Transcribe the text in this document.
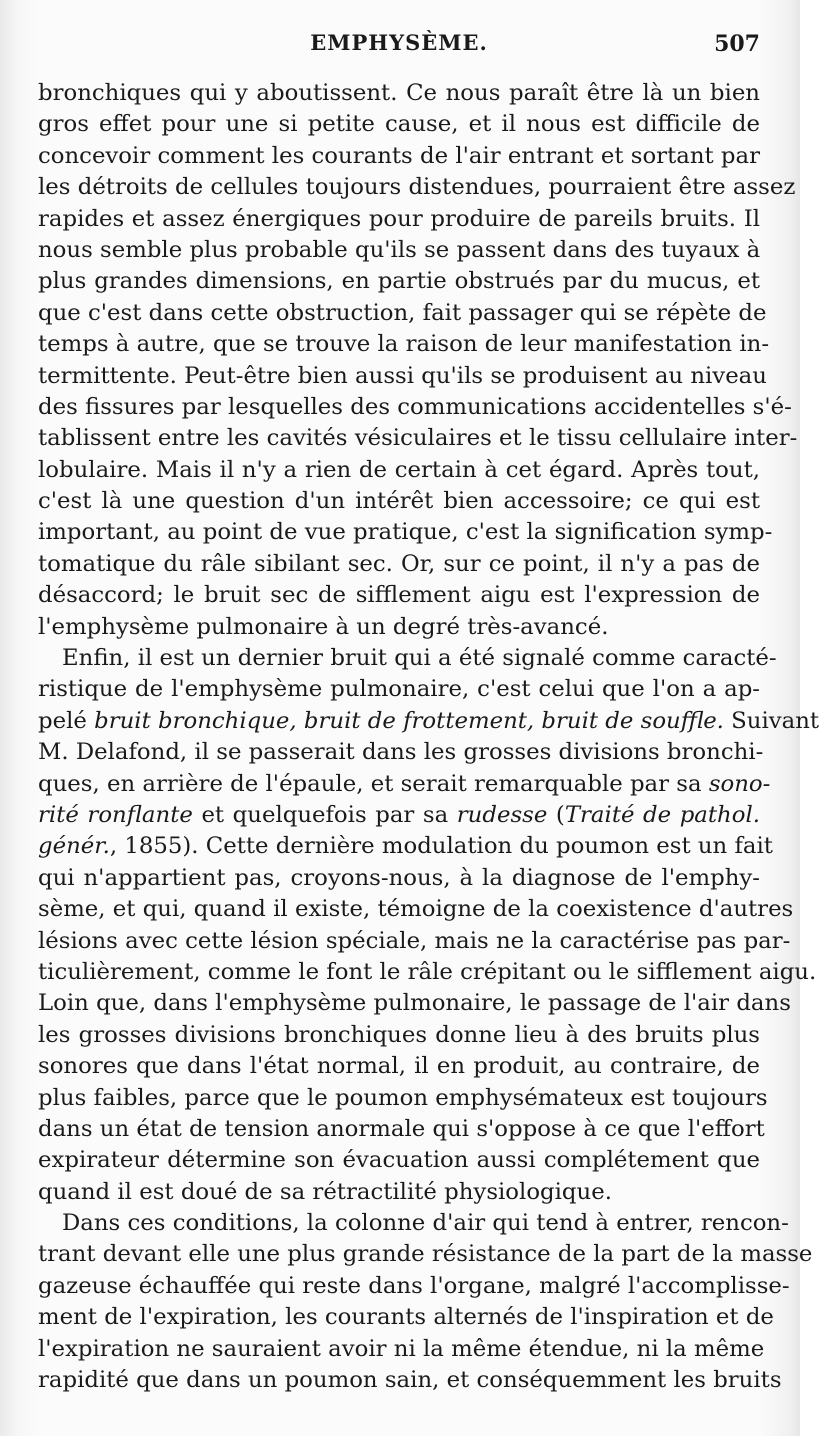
EMPHYSÈME.	507
bronchiques qui y aboutissent. Ce nous paraît être là un bien
gros effet pour une si petite cause, et il nous est difficile de
concevoir comment les courants de l'air entrant et sortant par
les détroits de cellules toujours distendues, pourraient être assez
rapides et assez énergiques pour produire de pareils bruits. Il
nous semble plus probable qu'ils se passent dans des tuyaux à
plus grandes dimensions, en partie obstrués par du mucus, et
que c'est dans cette obstruction, fait passager qui se répète de
temps à autre, que se trouve la raison de leur manifestation in-
termittente. Peut-être bien aussi qu'ils se produisent au niveau
des fissures par lesquelles des communications accidentelles s'é-
tablissent entre les cavités vésiculaires et le tissu cellulaire inter-
lobulaire. Mais il n'y a rien de certain à cet égard. Après tout,
c'est là une question d'un intérêt bien accessoire; ce qui est
important, au point de vue pratique, c'est la signification symp-
tomatique du râle sibilant sec. Or, sur ce point, il n'y a pas de
désaccord; le bruit sec de sifflement aigu est l'expression de
l'emphysème pulmonaire à un degré très-avancé.
Enfin, il est un dernier bruit qui a été signalé comme caracté-
ristique de l'emphysème pulmonaire, c'est celui que l'on a ap-
pelé bruit bronchique, bruit de frottement, bruit de souffle. Suivant
M. Delafond, il se passerait dans les grosses divisions bronchi-
ques, en arrière de l'épaule, et serait remarquable par sa sono-
rité ronflante et quelquefois par sa rudesse (Traité de pathol.
génér., 1855). Cette dernière modulation du poumon est un fait
qui n'appartient pas, croyons-nous, à la diagnose de l'emphy-
sème, et qui, quand il existe, témoigne de la coexistence d'autres
lésions avec cette lésion spéciale, mais ne la caractérise pas par-
ticulièrement, comme le font le râle crépitant ou le sifflement aigu.
Loin que, dans l'emphysème pulmonaire, le passage de l'air dans
les grosses divisions bronchiques donne lieu à des bruits plus
sonores que dans l'état normal, il en produit, au contraire, de
plus faibles, parce que le poumon emphysémateux est toujours
dans un état de tension anormale qui s'oppose à ce que l'effort
expirateur détermine son évacuation aussi complétement que
quand il est doué de sa rétractilité physiologique.
Dans ces conditions, la colonne d'air qui tend à entrer, rencon-
trant devant elle une plus grande résistance de la part de la masse
gazeuse échauffée qui reste dans l'organe, malgré l'accomplisse-
ment de l'expiration, les courants alternés de l'inspiration et de
l'expiration ne sauraient avoir ni la même étendue, ni la même
rapidité que dans un poumon sain, et conséquemment les bruits
